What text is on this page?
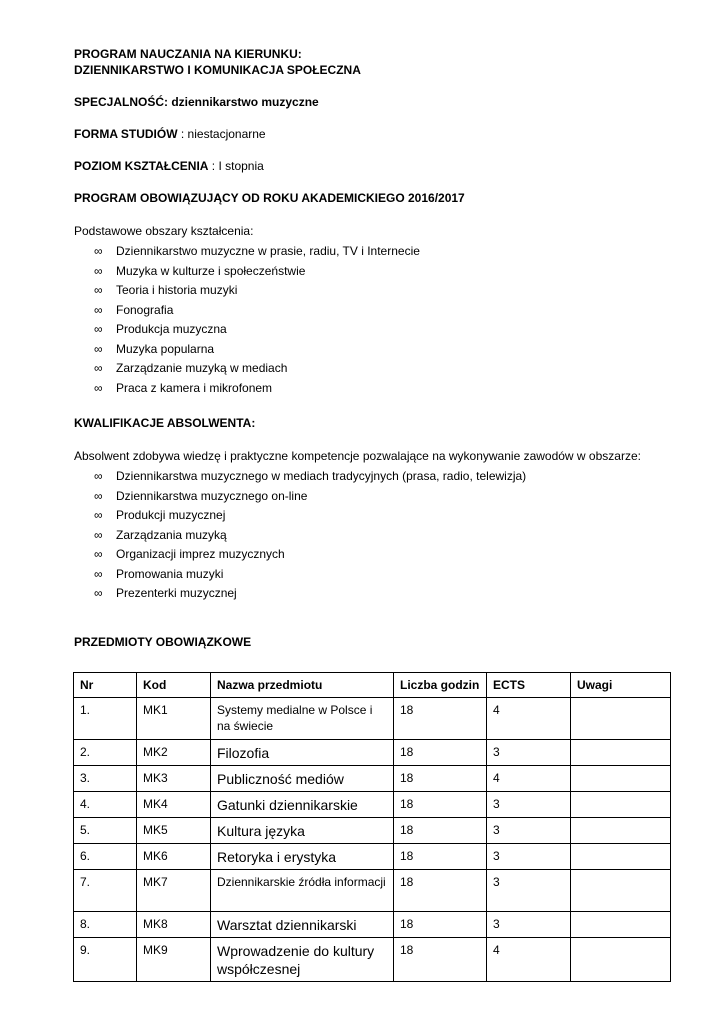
PROGRAM NAUCZANIA NA KIERUNKU:
DZIENNIKARSTWO I KOMUNIKACJA SPOŁECZNA
SPECJALNOŚĆ: dziennikarstwo muzyczne
FORMA STUDIÓW : niestacjonarne
POZIOM KSZTAŁCENIA : I stopnia
PROGRAM OBOWIĄZUJĄCY OD ROKU AKADEMICKIEGO 2016/2017
Podstawowe obszary kształcenia:
∞ Dziennikarstwo muzyczne w prasie, radiu, TV i Internecie
∞ Muzyka w kulturze i społeczeństwie
∞ Teoria i historia muzyki
∞ Fonografia
∞ Produkcja muzyczna
∞ Muzyka popularna
∞ Zarządzanie muzyką w mediach
∞ Praca z kamera i mikrofonem
KWALIFIKACJE ABSOLWENTA:
Absolwent zdobywa wiedzę i praktyczne kompetencje pozwalające na wykonywanie zawodów w obszarze:
∞ Dziennikarstwa muzycznego w mediach tradycyjnych (prasa, radio, telewizja)
∞ Dziennikarstwa muzycznego on-line
∞ Produkcji muzycznej
∞ Zarządzania muzyką
∞ Organizacji imprez muzycznych
∞ Promowania muzyki
∞ Prezenterki muzycznej
PRZEDMIOTY OBOWIĄZKOWE
Nr	Kod	Nazwa przedmiotu	Liczba godzin	ECTS	Uwagi
1.	MK1	Systemy medialne w Polsce i na świecie	18	4	
2.	MK2	Filozofia	18	3	
3.	MK3	Publiczność mediów	18	4	
4.	MK4	Gatunki dziennikarskie	18	3	
5.	MK5	Kultura języka	18	3	
6.	MK6	Retoryka i erystyka	18	3	
7.	MK7	Dziennikarskie źródła informacji	18	3	
8.	MK8	Warsztat dziennikarski	18	3	
9.	MK9	Wprowadzenie do kultury współczesnej	18	4	
